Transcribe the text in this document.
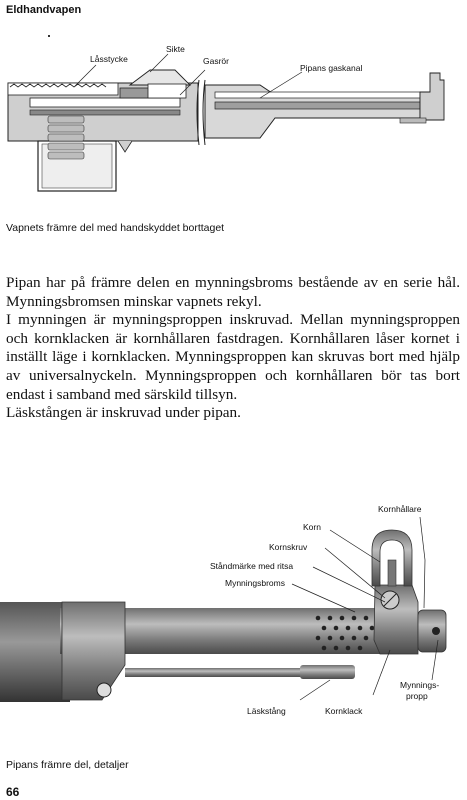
Eldhandvapen
Låsstycke
Sikte
Gasrör
Pipans gaskanal
Vapnets främre del med handskyddet borttaget

Pipan har på främre delen en mynningsbroms bestående av en serie hål. Mynningsbromsen minskar vapnets rekyl.

I mynningen är mynningsproppen inskruvad. Mellan mynningsproppen och kornklacken är kornhållaren fastdragen. Kornhållaren låser kornet i inställt läge i kornklacken. Mynningsproppen kan skruvas bort med hjälp av universalnyckeln. Mynningsproppen och kornhållaren bör tas bort endast i samband med särskild tillsyn.

Läskstången är inskruvad under pipan.

Kornhållare
Korn
Kornskruv
Ståndmärke med ritsa
Mynningsbroms
Mynnings-
propp
Läskstång	Kornklack
Pipans främre del, detaljer
66
